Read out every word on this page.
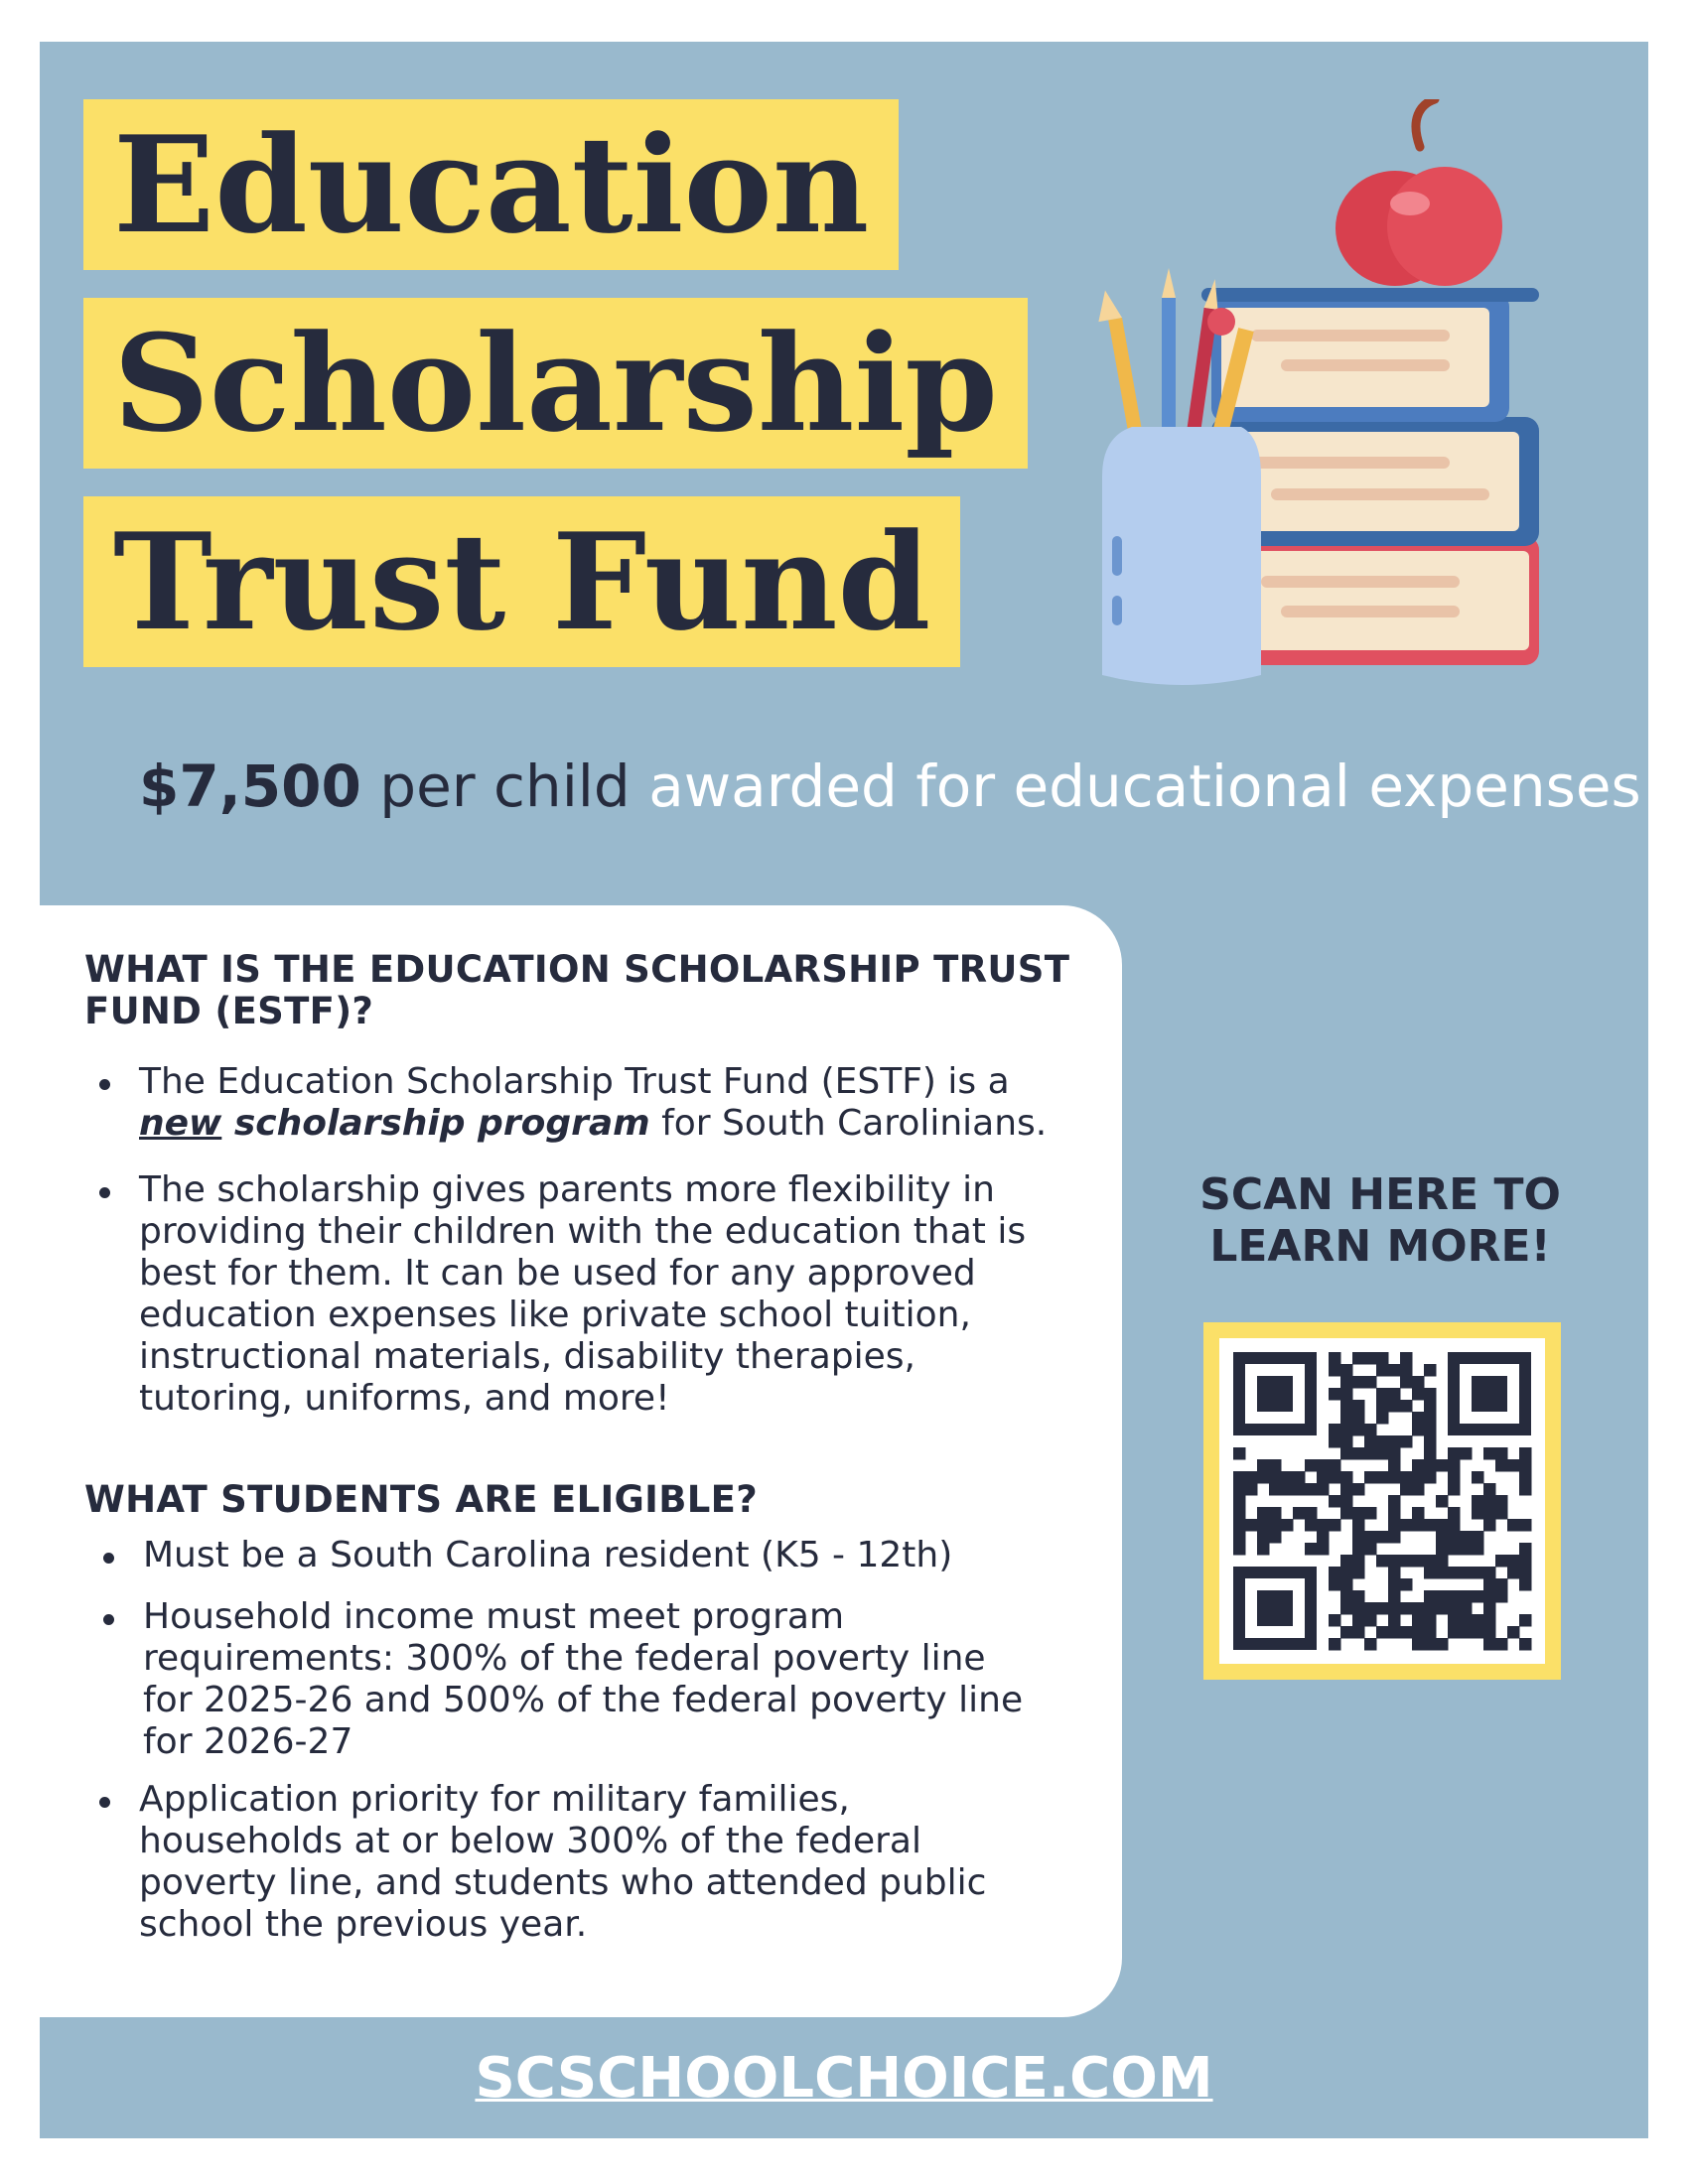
Education
Scholarship
Trust Fund
$7,500 per child awarded for educational expenses
WHAT IS THE EDUCATION SCHOLARSHIP TRUST
FUND (ESTF)?
The Education Scholarship Trust Fund (ESTF) is a
new scholarship program for South Carolinians.
The scholarship gives parents more flexibility in
providing their children with the education that is
best for them. It can be used for any approved
education expenses like private school tuition,
instructional materials, disability therapies,
tutoring, uniforms, and more!
WHAT STUDENTS ARE ELIGIBLE?
Must be a South Carolina resident (K5 - 12th)
Household income must meet program
requirements: 300% of the federal poverty line
for 2025-26 and 500% of the federal poverty line
for 2026-27
Application priority for military families,
households at or below 300% of the federal
poverty line, and students who attended public
school the previous year.
SCAN HERE TO
LEARN MORE!
SCSCHOOLCHOICE.COM
